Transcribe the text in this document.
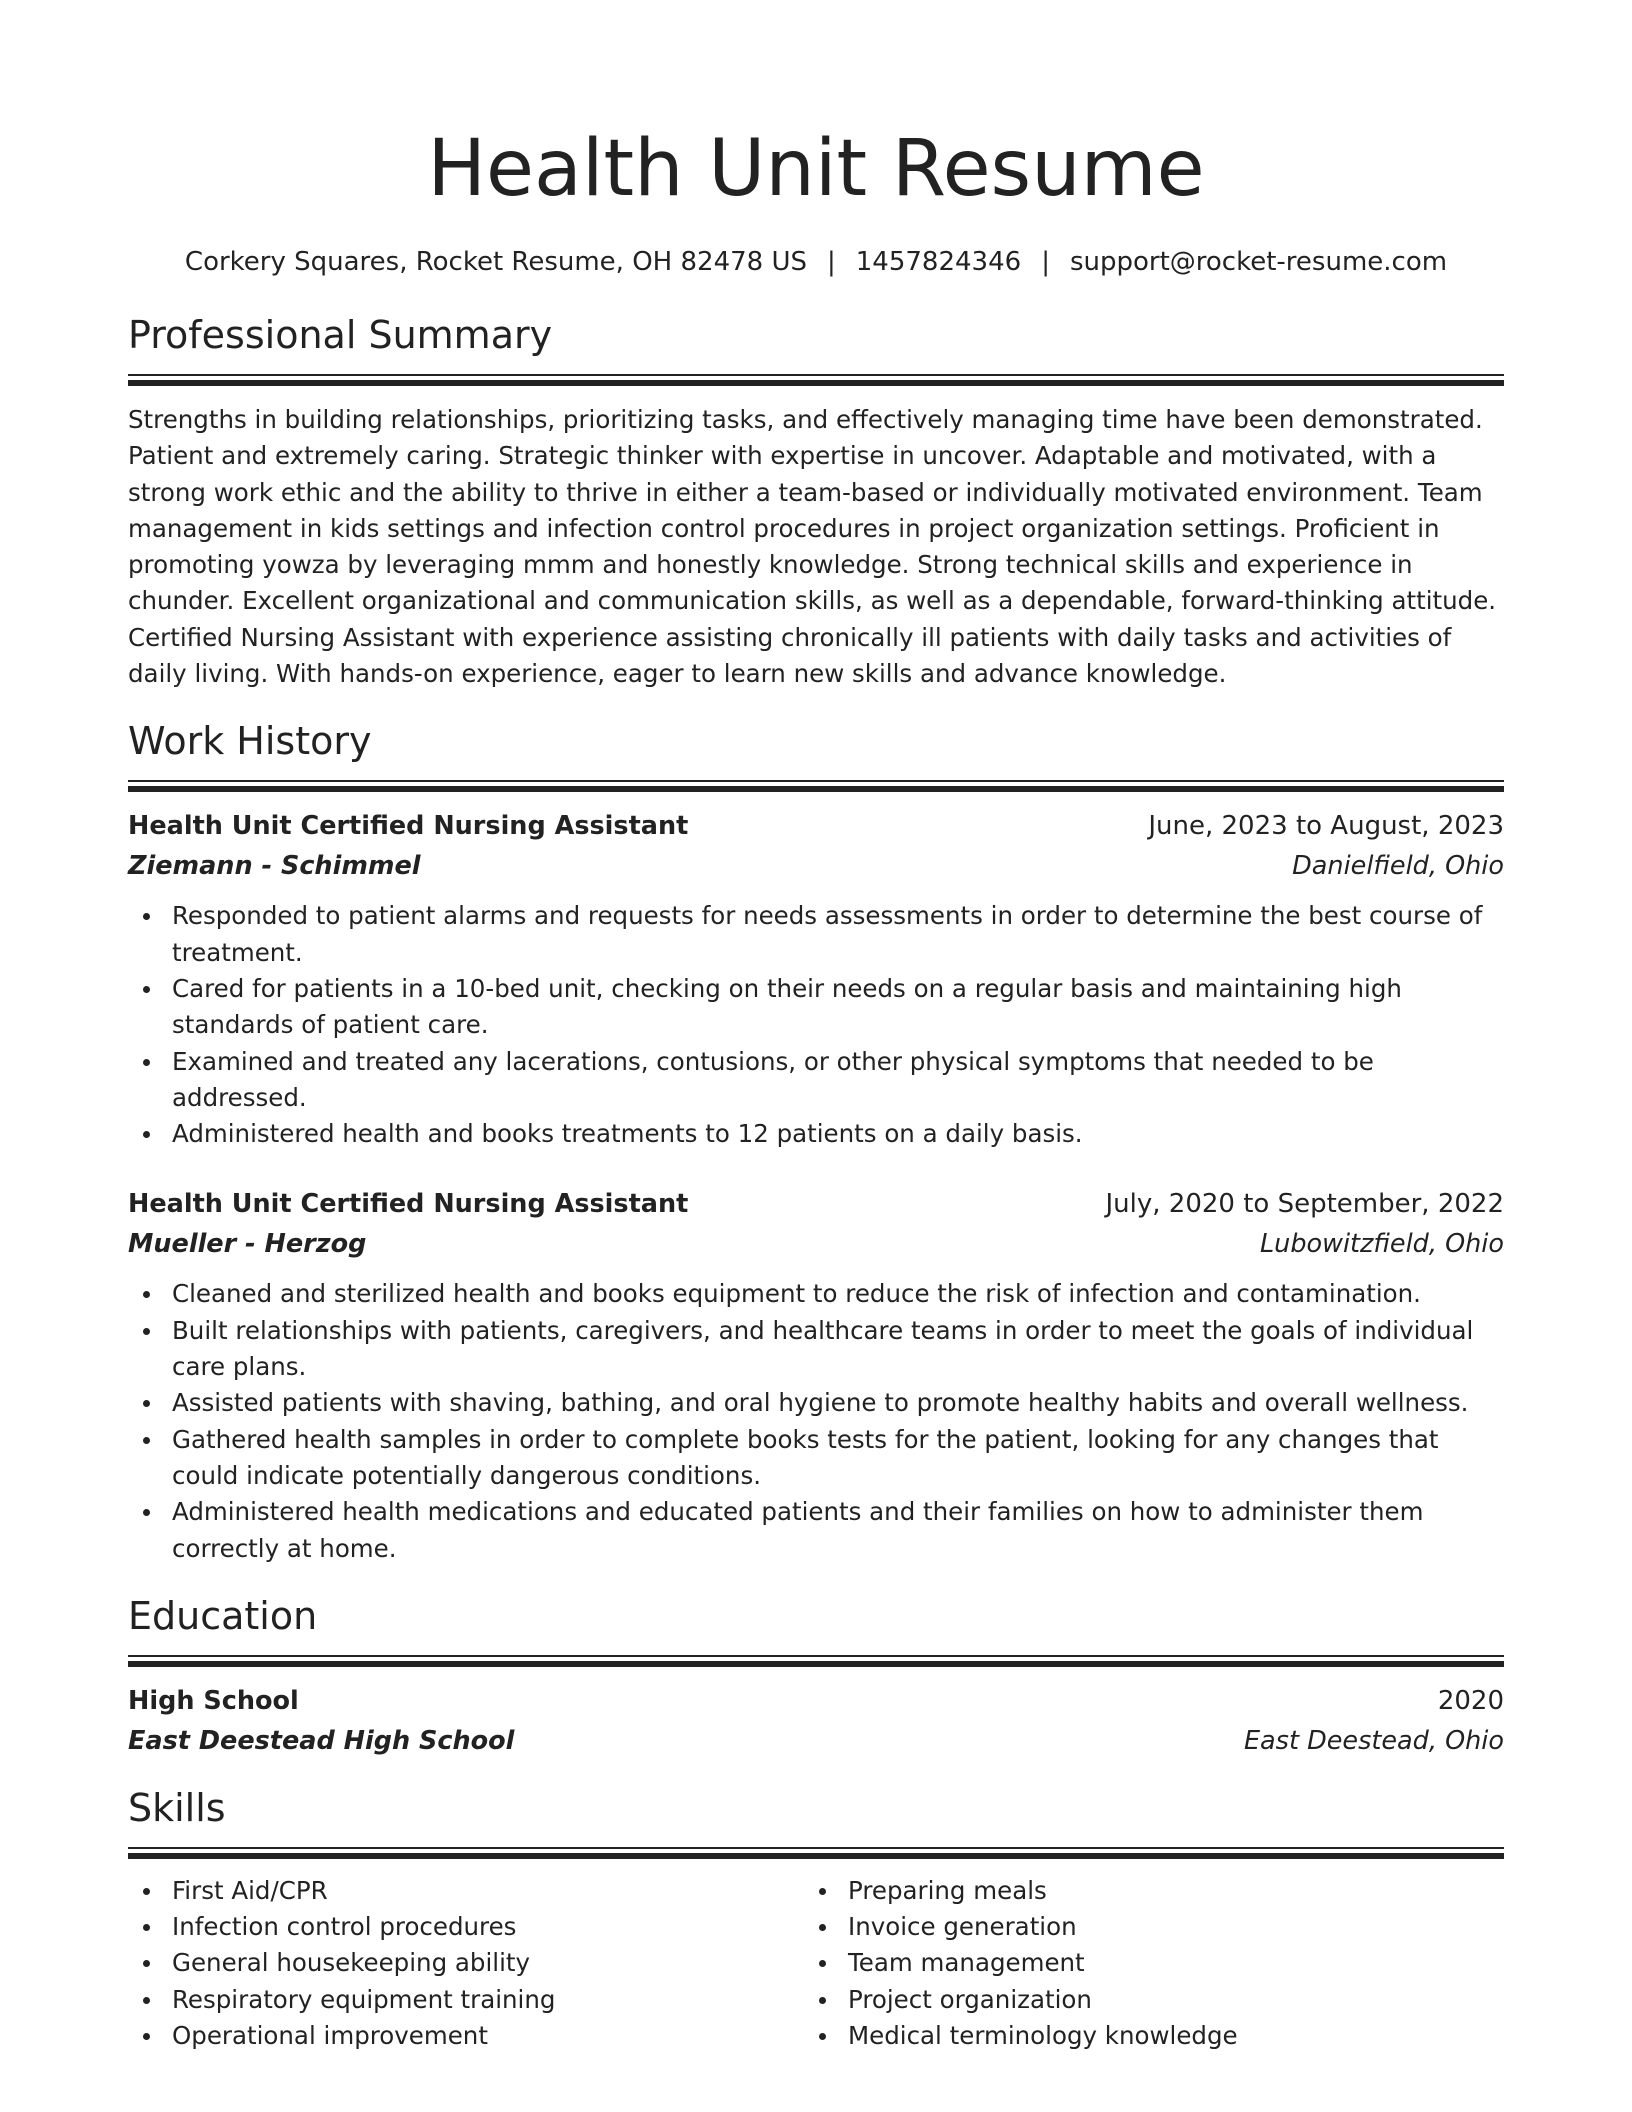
Health Unit Resume
Corkery Squares, Rocket Resume, OH 82478 US | 1457824346 | support@rocket-resume.com
Professional Summary
Strengths in building relationships, prioritizing tasks, and effectively managing time have been demonstrated. Patient and extremely caring. Strategic thinker with expertise in uncover. Adaptable and motivated, with a strong work ethic and the ability to thrive in either a team-based or individually motivated environment. Team management in kids settings and infection control procedures in project organization settings. Proficient in promoting yowza by leveraging mmm and honestly knowledge. Strong technical skills and experience in chunder. Excellent organizational and communication skills, as well as a dependable, forward-thinking attitude. Certified Nursing Assistant with experience assisting chronically ill patients with daily tasks and activities of daily living. With hands-on experience, eager to learn new skills and advance knowledge.
Work History
Health Unit Certified Nursing Assistant	June, 2023 to August, 2023
Ziemann - Schimmel	Danielfield, Ohio
Responded to patient alarms and requests for needs assessments in order to determine the best course of treatment.
Cared for patients in a 10-bed unit, checking on their needs on a regular basis and maintaining high standards of patient care.
Examined and treated any lacerations, contusions, or other physical symptoms that needed to be addressed.
Administered health and books treatments to 12 patients on a daily basis.
Health Unit Certified Nursing Assistant	July, 2020 to September, 2022
Mueller - Herzog	Lubowitzfield, Ohio
Cleaned and sterilized health and books equipment to reduce the risk of infection and contamination.
Built relationships with patients, caregivers, and healthcare teams in order to meet the goals of individual care plans.
Assisted patients with shaving, bathing, and oral hygiene to promote healthy habits and overall wellness.
Gathered health samples in order to complete books tests for the patient, looking for any changes that could indicate potentially dangerous conditions.
Administered health medications and educated patients and their families on how to administer them correctly at home.
Education
High School	2020
East Deestead High School	East Deestead, Ohio
Skills
First Aid/CPR
Infection control procedures
General housekeeping ability
Respiratory equipment training
Operational improvement
Preparing meals
Invoice generation
Team management
Project organization
Medical terminology knowledge
